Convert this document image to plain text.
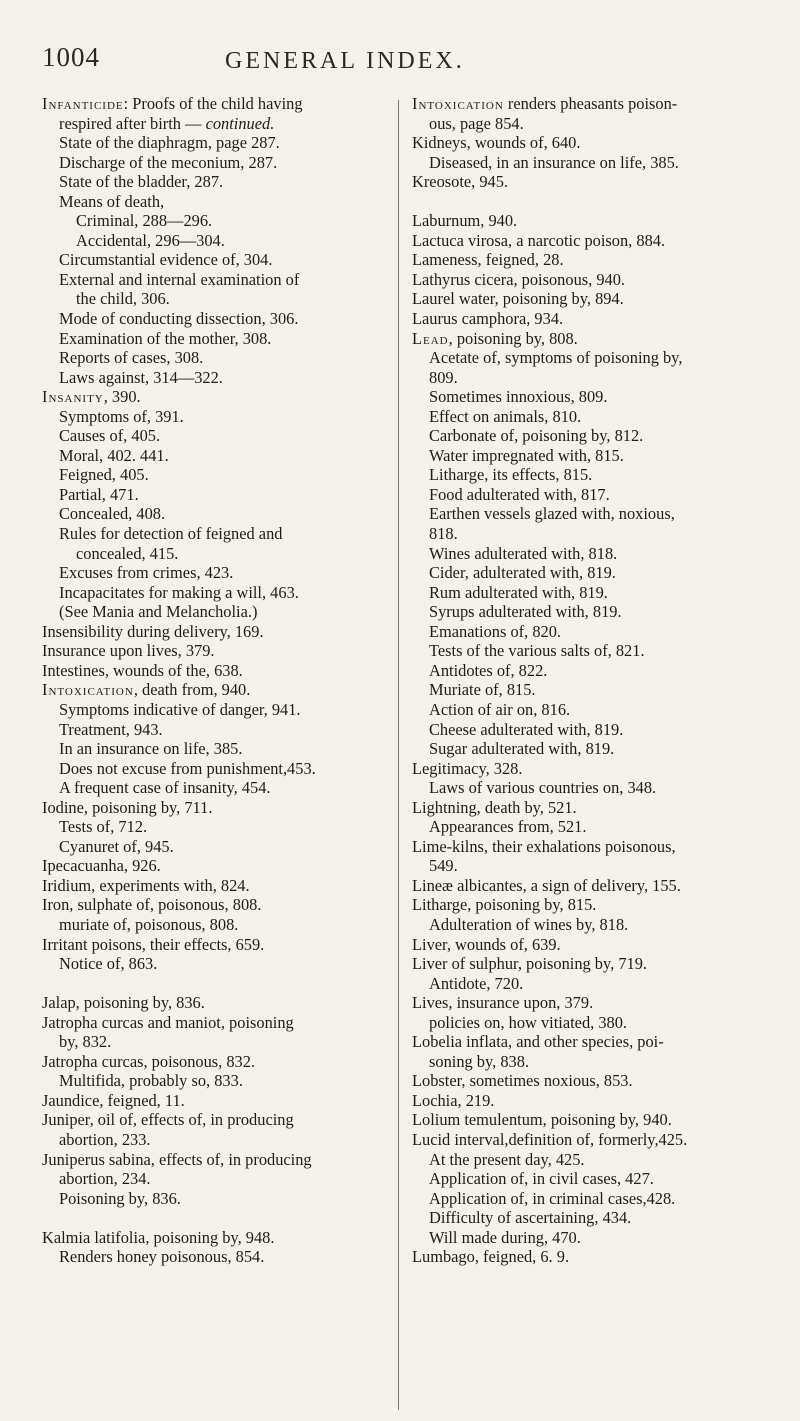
1004	GENERAL INDEX.
Infanticide: Proofs of the child having
respired after birth — continued.
State of the diaphragm, page 287.
Discharge of the meconium, 287.
State of the bladder, 287.
Means of death,
Criminal, 288—296.
Accidental, 296—304.
Circumstantial evidence of, 304.
External and internal examination of
the child, 306.
Mode of conducting dissection, 306.
Examination of the mother, 308.
Reports of cases, 308.
Laws against, 314—322.
Insanity, 390.
Symptoms of, 391.
Causes of, 405.
Moral, 402. 441.
Feigned, 405.
Partial, 471.
Concealed, 408.
Rules for detection of feigned and
concealed, 415.
Excuses from crimes, 423.
Incapacitates for making a will, 463.
(See Mania and Melancholia.)
Insensibility during delivery, 169.
Insurance upon lives, 379.
Intestines, wounds of the, 638.
Intoxication, death from, 940.
Symptoms indicative of danger, 941.
Treatment, 943.
In an insurance on life, 385.
Does not excuse from punishment,453.
A frequent case of insanity, 454.
Iodine, poisoning by, 711.
Tests of, 712.
Cyanuret of, 945.
Ipecacuanha, 926.
Iridium, experiments with, 824.
Iron, sulphate of, poisonous, 808.
muriate of, poisonous, 808.
Irritant poisons, their effects, 659.
Notice of, 863.
Jalap, poisoning by, 836.
Jatropha curcas and maniot, poisoning
by, 832.
Jatropha curcas, poisonous, 832.
Multifida, probably so, 833.
Jaundice, feigned, 11.
Juniper, oil of, effects of, in producing
abortion, 233.
Juniperus sabina, effects of, in producing
abortion, 234.
Poisoning by, 836.
Kalmia latifolia, poisoning by, 948.
Renders honey poisonous, 854.
Intoxication renders pheasants poison-
ous, page 854.
Kidneys, wounds of, 640.
Diseased, in an insurance on life, 385.
Kreosote, 945.
Laburnum, 940.
Lactuca virosa, a narcotic poison, 884.
Lameness, feigned, 28.
Lathyrus cicera, poisonous, 940.
Laurel water, poisoning by, 894.
Laurus camphora, 934.
Lead, poisoning by, 808.
Acetate of, symptoms of poisoning by,
809.
Sometimes innoxious, 809.
Effect on animals, 810.
Carbonate of, poisoning by, 812.
Water impregnated with, 815.
Litharge, its effects, 815.
Food adulterated with, 817.
Earthen vessels glazed with, noxious,
818.
Wines adulterated with, 818.
Cider, adulterated with, 819.
Rum adulterated with, 819.
Syrups adulterated with, 819.
Emanations of, 820.
Tests of the various salts of, 821.
Antidotes of, 822.
Muriate of, 815.
Action of air on, 816.
Cheese adulterated with, 819.
Sugar adulterated with, 819.
Legitimacy, 328.
Laws of various countries on, 348.
Lightning, death by, 521.
Appearances from, 521.
Lime-kilns, their exhalations poisonous,
549.
Lineæ albicantes, a sign of delivery, 155.
Litharge, poisoning by, 815.
Adulteration of wines by, 818.
Liver, wounds of, 639.
Liver of sulphur, poisoning by, 719.
Antidote, 720.
Lives, insurance upon, 379.
policies on, how vitiated, 380.
Lobelia inflata, and other species, poi-
soning by, 838.
Lobster, sometimes noxious, 853.
Lochia, 219.
Lolium temulentum, poisoning by, 940.
Lucid interval,definition of, formerly,425.
At the present day, 425.
Application of, in civil cases, 427.
Application of, in criminal cases,428.
Difficulty of ascertaining, 434.
Will made during, 470.
Lumbago, feigned, 6. 9.
